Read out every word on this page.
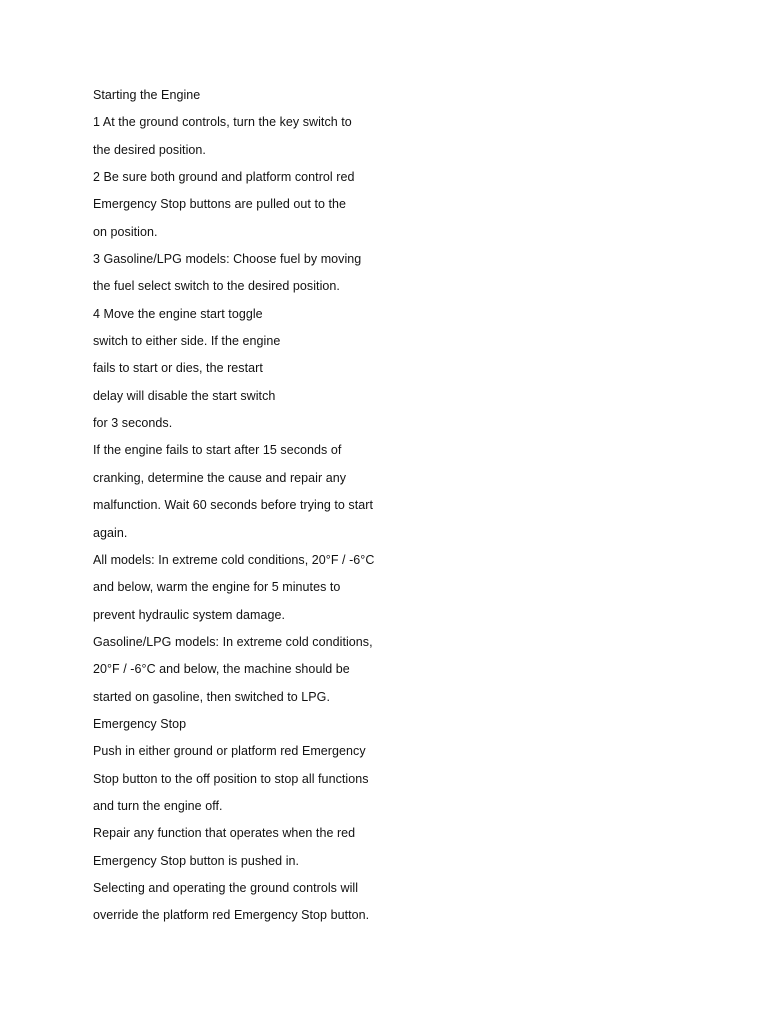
Starting the Engine
1 At the ground controls, turn the key switch to
the desired position.
2 Be sure both ground and platform control red
Emergency Stop buttons are pulled out to the
on position.
3 Gasoline/LPG models: Choose fuel by moving
the fuel select switch to the desired position.
4 Move the engine start toggle
switch to either side. If the engine
fails to start or dies, the restart
delay will disable the start switch
for 3 seconds.
If the engine fails to start after 15 seconds of
cranking, determine the cause and repair any
malfunction. Wait 60 seconds before trying to start
again.
All models: In extreme cold conditions, 20°F / -6°C
and below, warm the engine for 5 minutes to
prevent hydraulic system damage.
Gasoline/LPG models: In extreme cold conditions,
20°F / -6°C and below, the machine should be
started on gasoline, then switched to LPG.
Emergency Stop
Push in either ground or platform red Emergency
Stop button to the off position to stop all functions
and turn the engine off.
Repair any function that operates when the red
Emergency Stop button is pushed in.
Selecting and operating the ground controls will
override the platform red Emergency Stop button.
